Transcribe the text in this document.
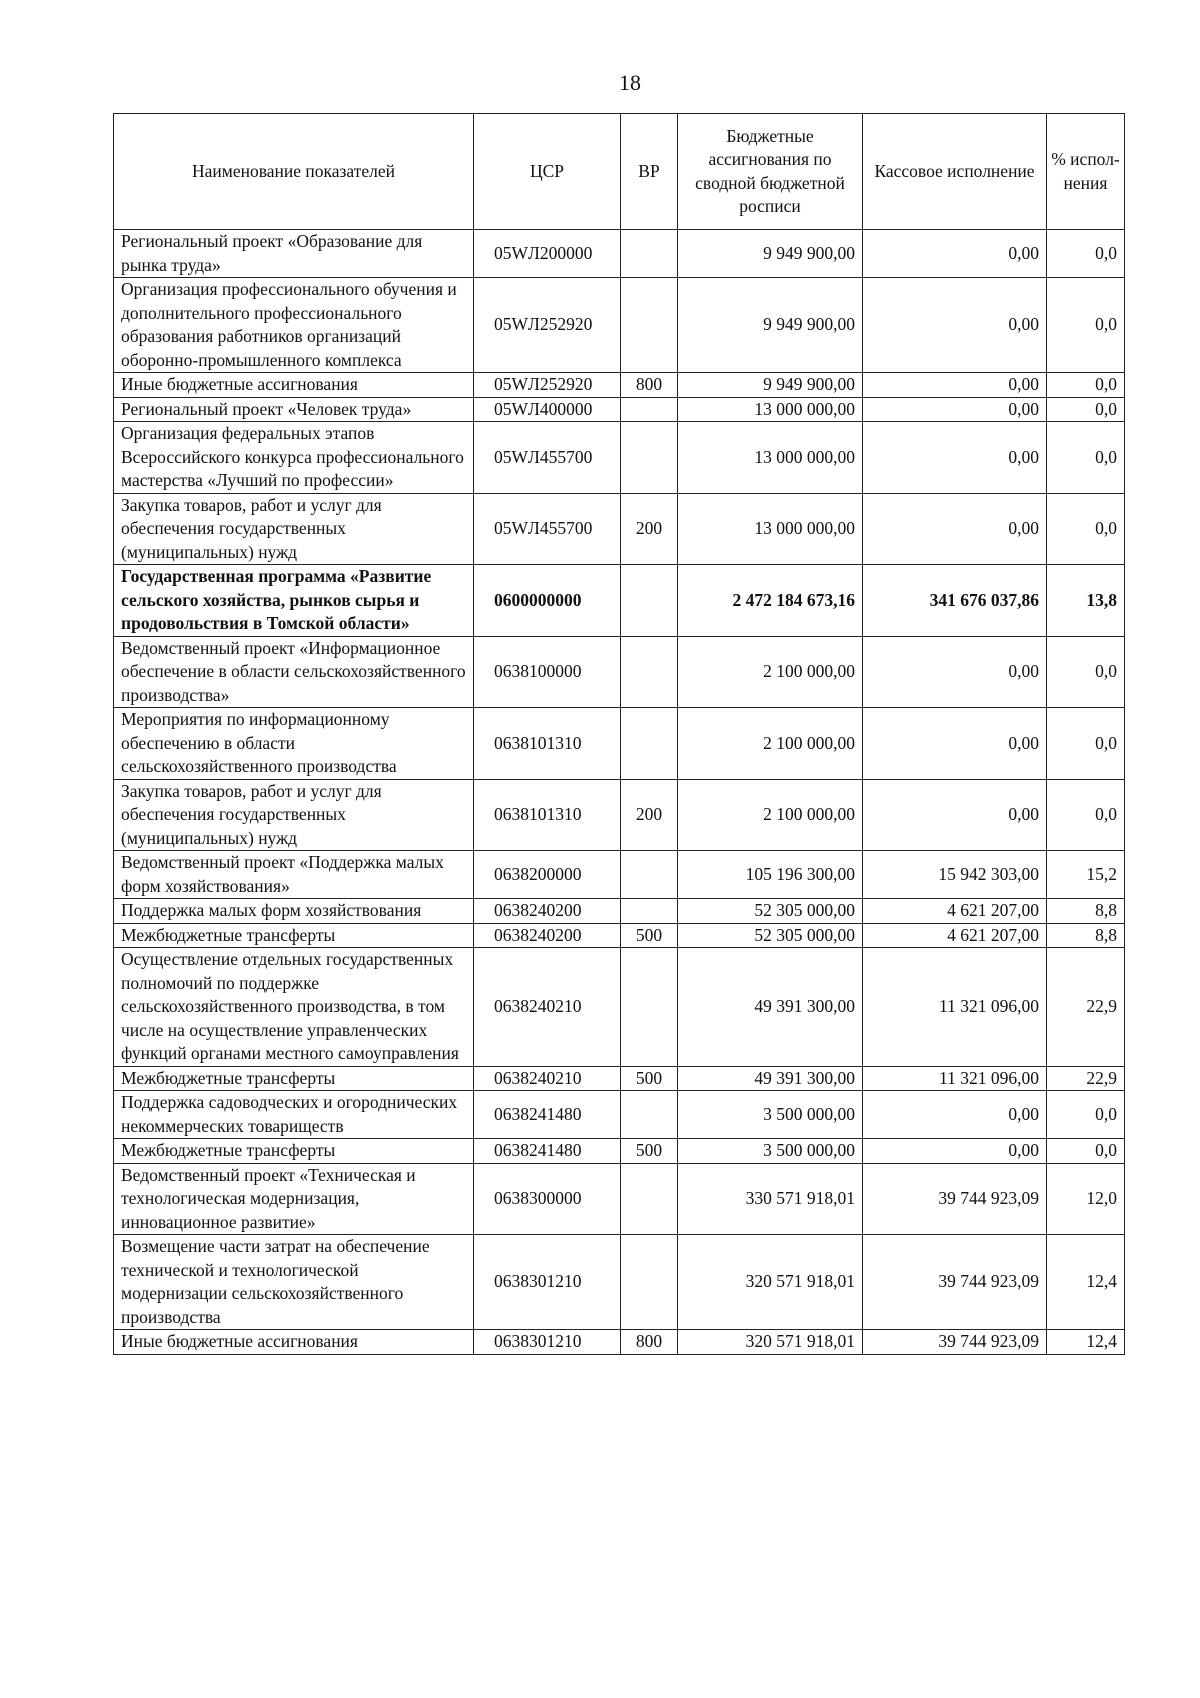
18
Наименование показателей	ЦСР	ВР	Бюджетные ассигнования по сводной бюджетной росписи	Кассовое исполнение	% испол-нения
Региональный проект «Образование для рынка труда»	05WЛ200000		9 949 900,00	0,00	0,0
Организация профессионального обучения и дополнительного профессионального образования работников организаций оборонно-промышленного комплекса	05WЛ252920		9 949 900,00	0,00	0,0
Иные бюджетные ассигнования	05WЛ252920	800	9 949 900,00	0,00	0,0
Региональный проект «Человек труда»	05WЛ400000		13 000 000,00	0,00	0,0
Организация федеральных этапов Всероссийского конкурса профессионального мастерства «Лучший по профессии»	05WЛ455700		13 000 000,00	0,00	0,0
Закупка товаров, работ и услуг для обеспечения государственных (муниципальных) нужд	05WЛ455700	200	13 000 000,00	0,00	0,0
Государственная программа «Развитие сельского хозяйства, рынков сырья и продовольствия в Томской области»	0600000000		2 472 184 673,16	341 676 037,86	13,8
Ведомственный проект «Информационное обеспечение в области сельскохозяйственного производства»	0638100000		2 100 000,00	0,00	0,0
Мероприятия по информационному обеспечению в области сельскохозяйственного производства	0638101310		2 100 000,00	0,00	0,0
Закупка товаров, работ и услуг для обеспечения государственных (муниципальных) нужд	0638101310	200	2 100 000,00	0,00	0,0
Ведомственный проект «Поддержка малых форм хозяйствования»	0638200000		105 196 300,00	15 942 303,00	15,2
Поддержка малых форм хозяйствования	0638240200		52 305 000,00	4 621 207,00	8,8
Межбюджетные трансферты	0638240200	500	52 305 000,00	4 621 207,00	8,8
Осуществление отдельных государственных полномочий по поддержке сельскохозяйственного производства, в том числе на осуществление управленческих функций органами местного самоуправления	0638240210		49 391 300,00	11 321 096,00	22,9
Межбюджетные трансферты	0638240210	500	49 391 300,00	11 321 096,00	22,9
Поддержка садоводческих и огороднических некоммерческих товариществ	0638241480		3 500 000,00	0,00	0,0
Межбюджетные трансферты	0638241480	500	3 500 000,00	0,00	0,0
Ведомственный проект «Техническая и технологическая модернизация, инновационное развитие»	0638300000		330 571 918,01	39 744 923,09	12,0
Возмещение части затрат на обеспечение технической и технологической модернизации сельскохозяйственного производства	0638301210		320 571 918,01	39 744 923,09	12,4
Иные бюджетные ассигнования	0638301210	800	320 571 918,01	39 744 923,09	12,4
